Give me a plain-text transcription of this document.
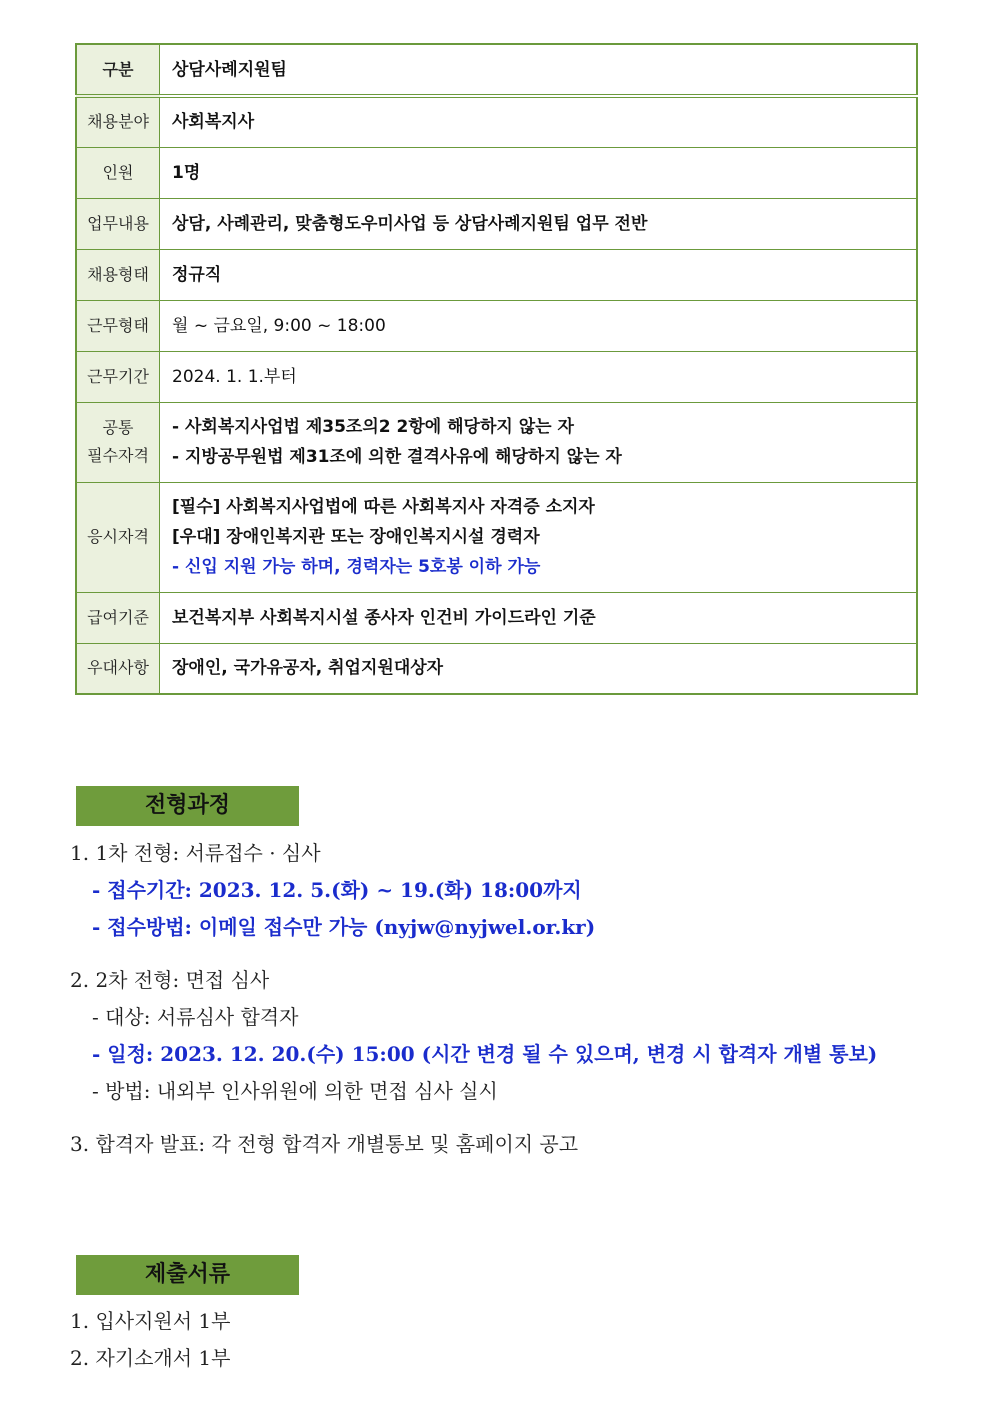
구분	상담사례지원팀

채용분야	사회복지사

인원	1명

업무내용	상담, 사례관리, 맞춤형도우미사업 등 상담사례지원팀 업무 전반

채용형태	정규직

근무형태	월 ~ 금요일, 9:00 ~ 18:00

근무기간	2024. 1. 1.부터

공통
필수자격	- 사회복지사업법 제35조의2 2항에 해당하지 않는 자
- 지방공무원법 제31조에 의한 결격사유에 해당하지 않는 자

응시자격	[필수] 사회복지사업법에 따른 사회복지사 자격증 소지자
[우대] 장애인복지관 또는 장애인복지시설 경력자
- 신입 지원 가능 하며, 경력자는 5호봉 이하 가능

급여기준	보건복지부 사회복지시설 종사자 인건비 가이드라인 기준

우대사항	장애인, 국가유공자, 취업지원대상자
전형과정
1. 1차 전형: 서류접수 · 심사
- 접수기간: 2023. 12. 5.(화) ~ 19.(화) 18:00까지
- 접수방법: 이메일 접수만 가능 (nyjw@nyjwel.or.kr)
2. 2차 전형: 면접 심사
- 대상: 서류심사 합격자
- 일정: 2023. 12. 20.(수) 15:00 (시간 변경 될 수 있으며, 변경 시 합격자 개별 통보)
- 방법: 내외부 인사위원에 의한 면접 심사 실시
3. 합격자 발표: 각 전형 합격자 개별통보 및 홈페이지 공고
제출서류
1. 입사지원서 1부
2. 자기소개서 1부
